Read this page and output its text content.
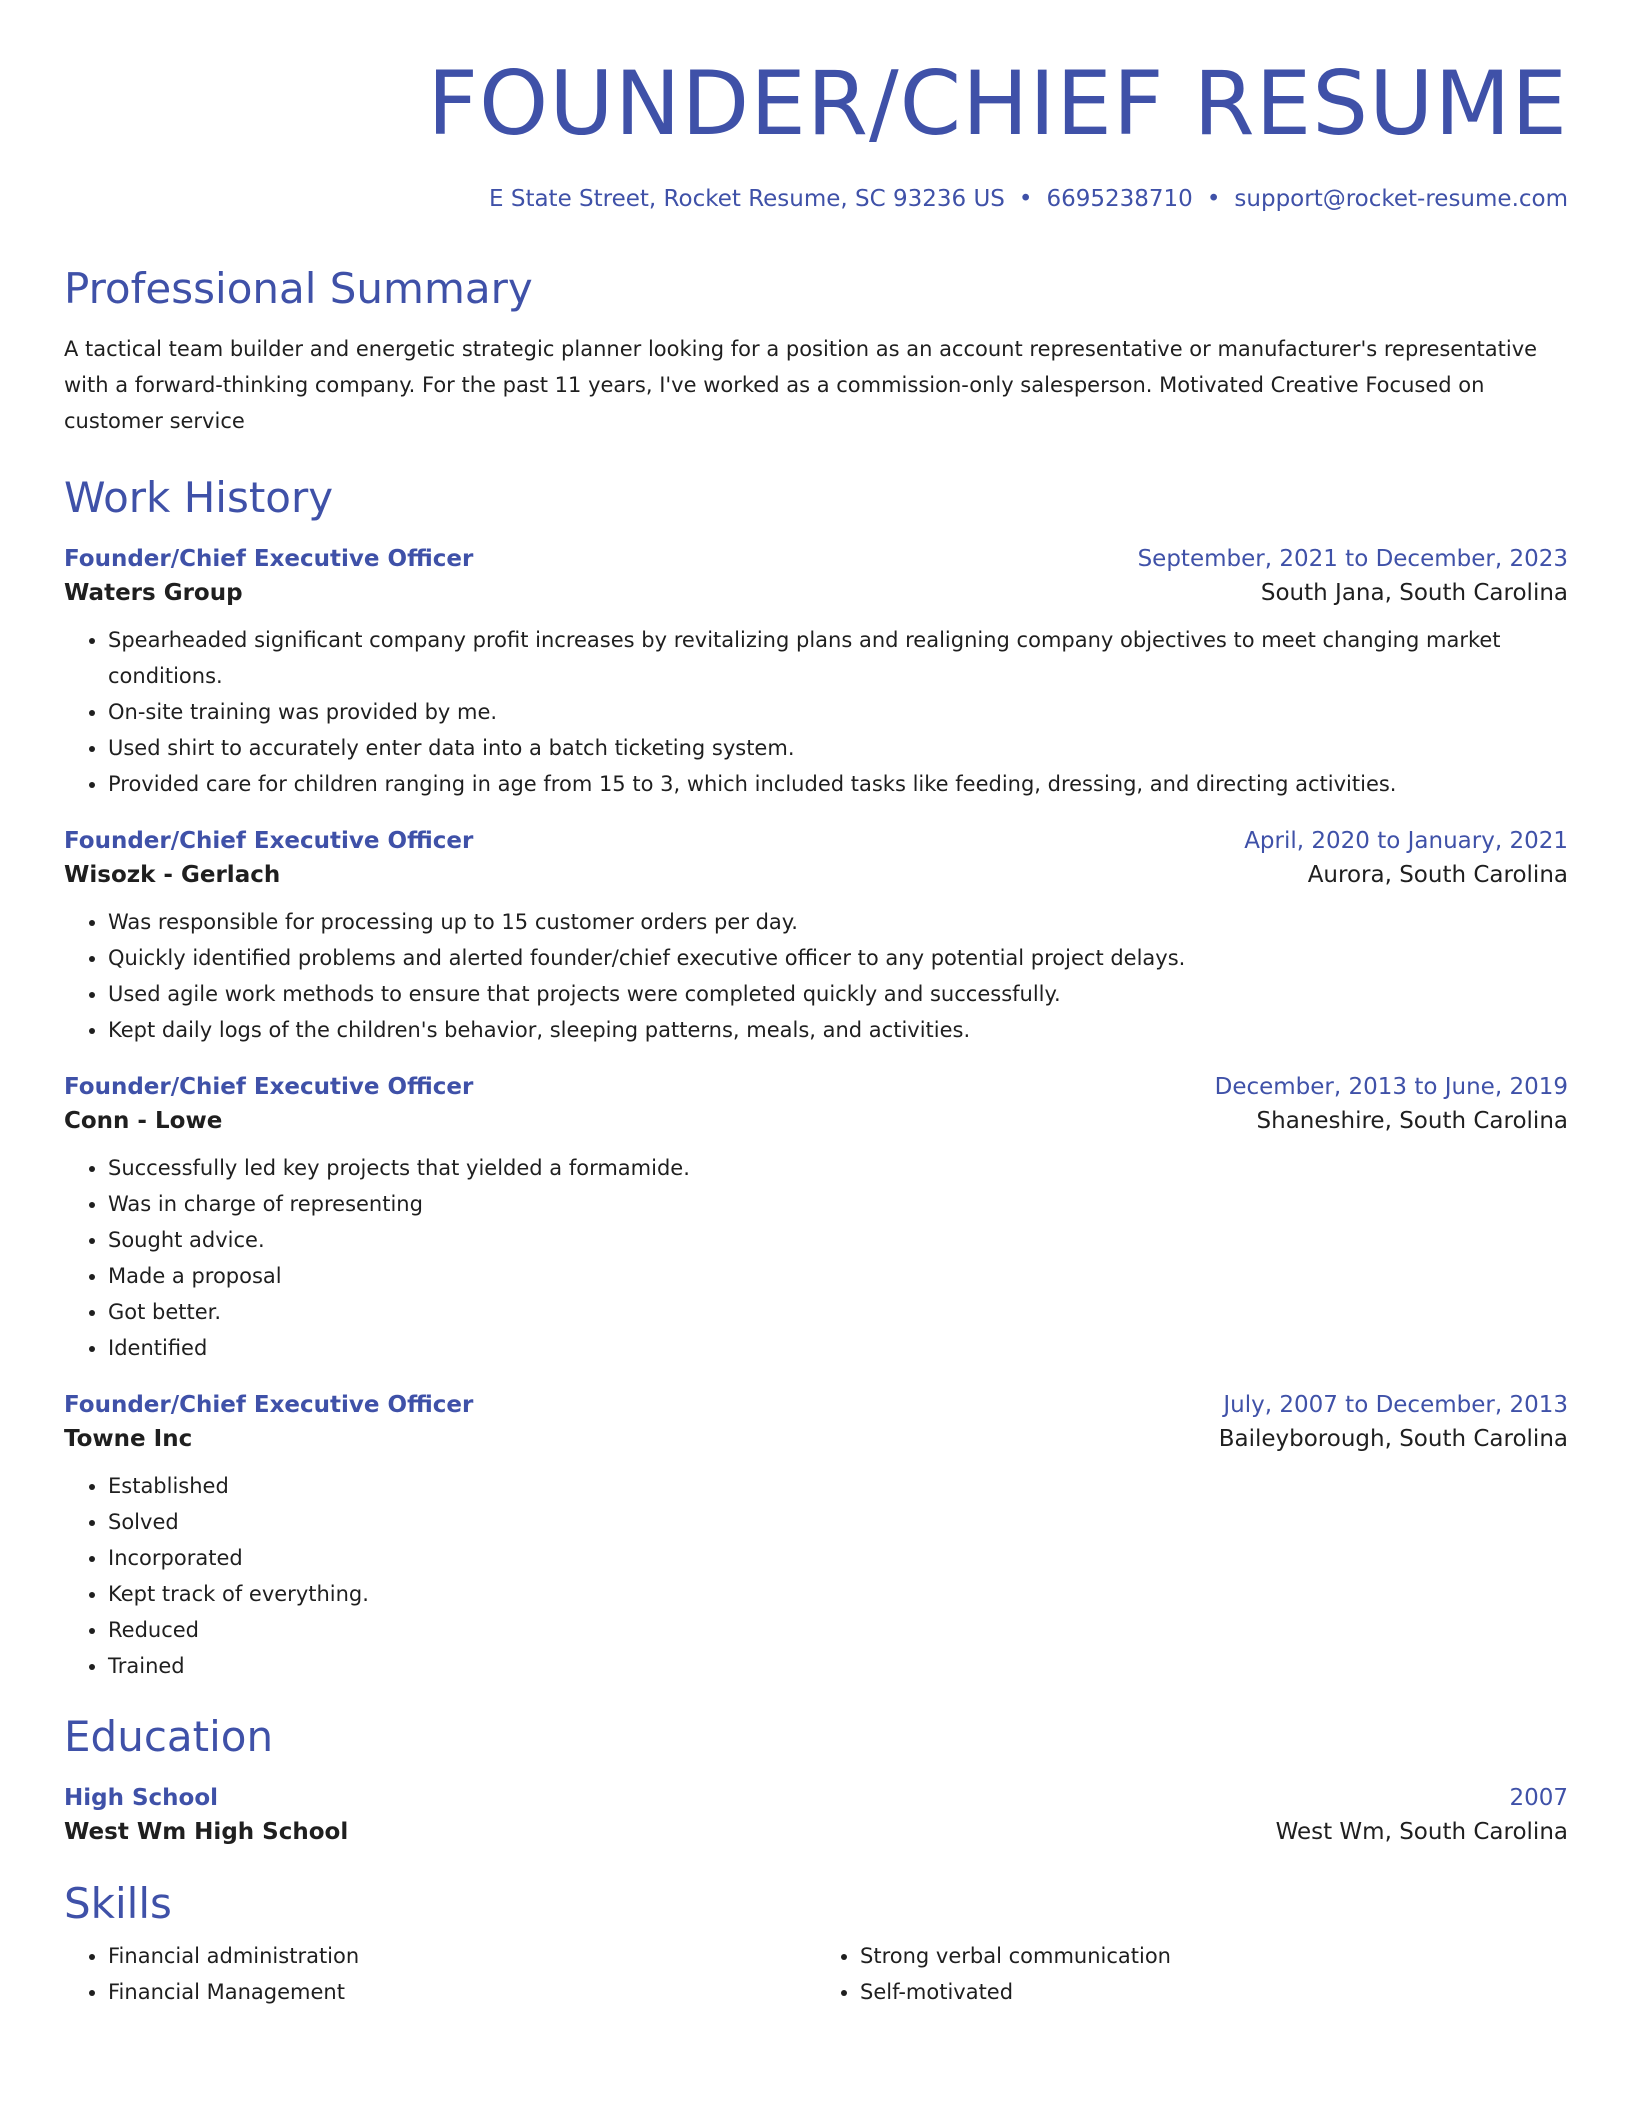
FOUNDER/CHIEF RESUME
E State Street, Rocket Resume, SC 93236 US • 6695238710 • support@rocket-resume.com
Professional Summary
A tactical team builder and energetic strategic planner looking for a position as an account representative or manufacturer's representative with a forward-thinking company. For the past 11 years, I've worked as a commission-only salesperson. Motivated Creative Focused on customer service
Work History
Founder/Chief Executive Officer	September, 2021 to December, 2023
Waters Group	South Jana, South Carolina
• Spearheaded significant company profit increases by revitalizing plans and realigning company objectives to meet changing market conditions.
• On-site training was provided by me.
• Used shirt to accurately enter data into a batch ticketing system.
• Provided care for children ranging in age from 15 to 3, which included tasks like feeding, dressing, and directing activities.
Founder/Chief Executive Officer	April, 2020 to January, 2021
Wisozk - Gerlach	Aurora, South Carolina
• Was responsible for processing up to 15 customer orders per day.
• Quickly identified problems and alerted founder/chief executive officer to any potential project delays.
• Used agile work methods to ensure that projects were completed quickly and successfully.
• Kept daily logs of the children's behavior, sleeping patterns, meals, and activities.
Founder/Chief Executive Officer	December, 2013 to June, 2019
Conn - Lowe	Shaneshire, South Carolina
• Successfully led key projects that yielded a formamide.
• Was in charge of representing
• Sought advice.
• Made a proposal
• Got better.
• Identified
Founder/Chief Executive Officer	July, 2007 to December, 2013
Towne Inc	Baileyborough, South Carolina
• Established
• Solved
• Incorporated
• Kept track of everything.
• Reduced
• Trained
Education
High School	2007
West Wm High School	West Wm, South Carolina
Skills
• Financial administration
• Financial Management
• Strong verbal communication
• Self-motivated
